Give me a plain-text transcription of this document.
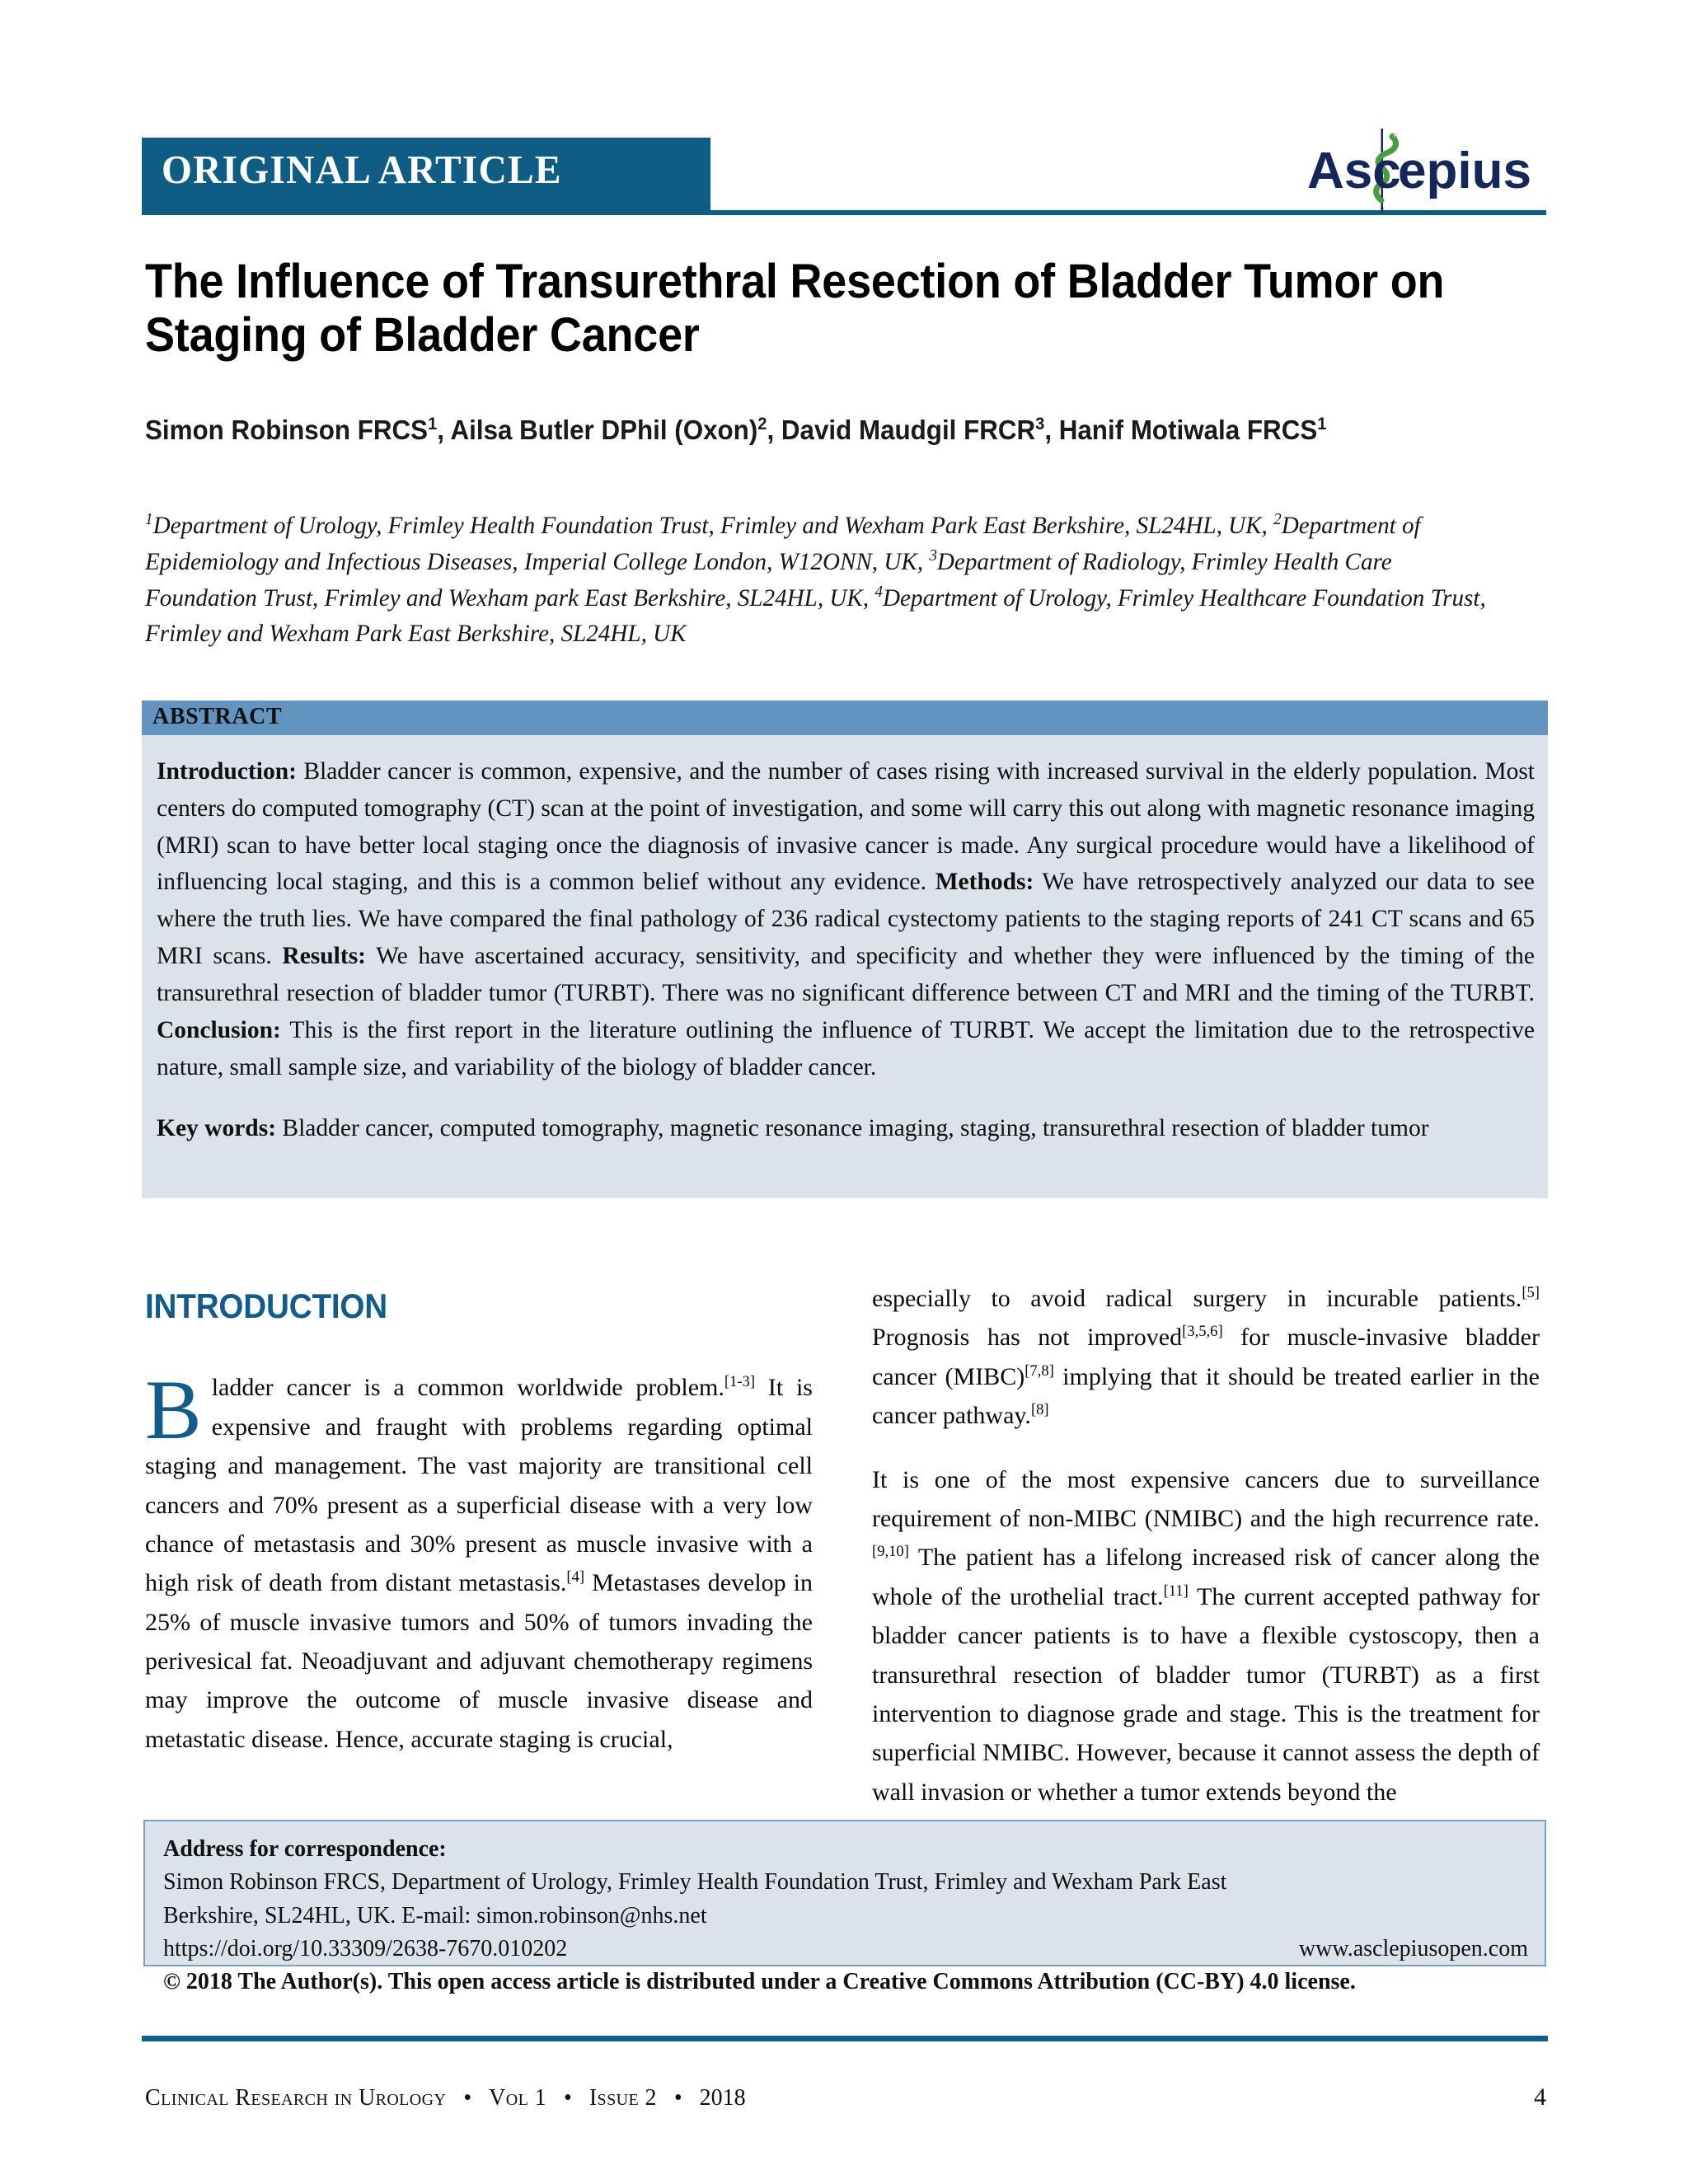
ORIGINAL ARTICLE	Asc
epius
The Influence of Transurethral Resection of Bladder Tumor on Staging of Bladder Cancer
Simon Robinson FRCS$^1$, Ailsa Butler DPhil (Oxon)$^2$, David Maudgil FRCR$^3$, Hanif Motiwala FRCS$^1$
$^1$Department of Urology, Frimley Health Foundation Trust, Frimley and Wexham Park East Berkshire, SL24HL, UK, $^2$Department of Epidemiology and Infectious Diseases, Imperial College London, W12ONN, UK, $^3$Department of Radiology, Frimley Health Care Foundation Trust, Frimley and Wexham park East Berkshire, SL24HL, UK, $^4$Department of Urology, Frimley Healthcare Foundation Trust, Frimley and Wexham Park East Berkshire, SL24HL, UK
ABSTRACT
Introduction: Bladder cancer is common, expensive, and the number of cases rising with increased survival in the elderly population. Most centers do computed tomography (CT) scan at the point of investigation, and some will carry this out along with magnetic resonance imaging (MRI) scan to have better local staging once the diagnosis of invasive cancer is made. Any surgical procedure would have a likelihood of influencing local staging, and this is a common belief without any evidence. Methods: We have retrospectively analyzed our data to see where the truth lies. We have compared the final pathology of 236 radical cystectomy patients to the staging reports of 241 CT scans and 65 MRI scans. Results: We have ascertained accuracy, sensitivity, and specificity and whether they were influenced by the timing of the transurethral resection of bladder tumor (TURBT). There was no significant difference between CT and MRI and the timing of the TURBT. Conclusion: This is the first report in the literature outlining the influence of TURBT. We accept the limitation due to the retrospective nature, small sample size, and variability of the biology of bladder cancer.
Key words: Bladder cancer, computed tomography, magnetic resonance imaging, staging, transurethral resection of bladder tumor
INTRODUCTION

Bladder cancer is a common worldwide problem.[1-3] It is expensive and fraught with problems regarding optimal staging and management. The vast majority are transitional cell cancers and 70% present as a superficial disease with a very low chance of metastasis and 30% present as muscle invasive with a high risk of death from distant metastasis.[4] Metastases develop in 25% of muscle invasive tumors and 50% of tumors invading the perivesical fat. Neoadjuvant and adjuvant chemotherapy regimens may improve the outcome of muscle invasive disease and metastatic disease. Hence, accurate staging is crucial,

especially to avoid radical surgery in incurable patients.[5] Prognosis has not improved[3,5,6] for muscle-invasive bladder cancer (MIBC)[7,8] implying that it should be treated earlier in the cancer pathway.[8]

It is one of the most expensive cancers due to surveillance requirement of non-MIBC (NMIBC) and the high recurrence rate.[9,10] The patient has a lifelong increased risk of cancer along the whole of the urothelial tract.[11] The current accepted pathway for bladder cancer patients is to have a flexible cystoscopy, then a transurethral resection of bladder tumor (TURBT) as a first intervention to diagnose grade and stage. This is the treatment for superficial NMIBC. However, because it cannot assess the depth of wall invasion or whether a tumor extends beyond the

Address for correspondence:
Simon Robinson FRCS, Department of Urology, Frimley Health Foundation Trust, Frimley and Wexham Park East
Berkshire, SL24HL, UK. E-mail: simon.robinson@nhs.net
https://doi.org/10.33309/2638-7670.010202	www.asclepiusopen.com
© 2018 The Author(s). This open access article is distributed under a Creative Commons Attribution (CC-BY) 4.0 license.
Clinical Research in Urology • Vol 1 • Issue 2 • 2018	4
